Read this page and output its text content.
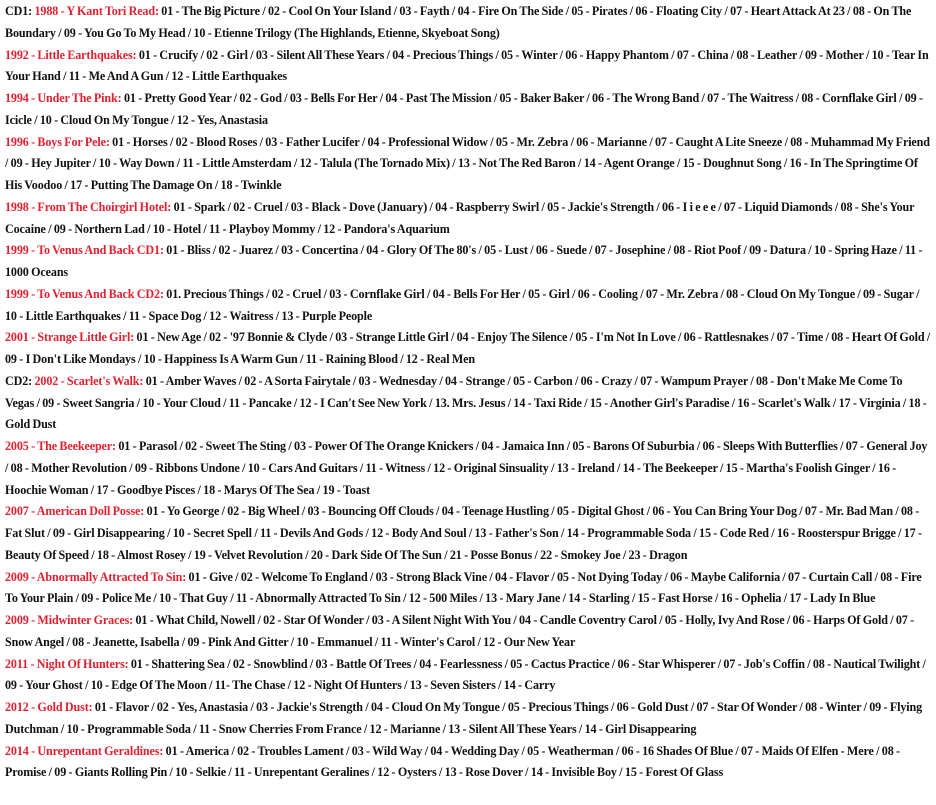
CD1: 1988 - Y Kant Tori Read: 01 - The Big Picture / 02 - Cool On Your Island / 03 - Fayth / 04 - Fire On The Side / 05 - Pirates / 06 - Floating City / 07 - Heart Attack At 23 / 08 - On The Boundary / 09 - You Go To My Head / 10 - Etienne Trilogy (The Highlands, Etienne, Skyeboat Song)
1992 - Little Earthquakes: 01 - Crucify / 02 - Girl / 03 - Silent All These Years / 04 - Precious Things / 05 - Winter / 06 - Happy Phantom / 07 - China / 08 - Leather / 09 - Mother / 10 - Tear In Your Hand / 11 - Me And A Gun / 12 - Little Earthquakes
1994 - Under The Pink: 01 - Pretty Good Year / 02 - God / 03 - Bells For Her / 04 - Past The Mission / 05 - Baker Baker / 06 - The Wrong Band / 07 - The Waitress / 08 - Cornflake Girl / 09 - Icicle / 10 - Cloud On My Tongue / 12 - Yes, Anastasia
1996 - Boys For Pele: 01 - Horses / 02 - Blood Roses / 03 - Father Lucifer / 04 - Professional Widow / 05 - Mr. Zebra / 06 - Marianne / 07 - Caught A Lite Sneeze / 08 - Muhammad My Friend / 09 - Hey Jupiter / 10 - Way Down / 11 - Little Amsterdam / 12 - Talula (The Tornado Mix) / 13 - Not The Red Baron / 14 - Agent Orange / 15 - Doughnut Song / 16 - In The Springtime Of His Voodoo / 17 - Putting The Damage On / 18 - Twinkle
1998 - From The Choirgirl Hotel: 01 - Spark / 02 - Cruel / 03 - Black - Dove (January) / 04 - Raspberry Swirl / 05 - Jackie's Strength / 06 - I i e e e / 07 - Liquid Diamonds / 08 - She's Your Cocaine / 09 - Northern Lad / 10 - Hotel / 11 - Playboy Mommy / 12 - Pandora's Aquarium
1999 - To Venus And Back CD1: 01 - Bliss / 02 - Juarez / 03 - Concertina / 04 - Glory Of The 80's / 05 - Lust / 06 - Suede / 07 - Josephine / 08 - Riot Poof / 09 - Datura / 10 - Spring Haze / 11 - 1000 Oceans
1999 - To Venus And Back CD2: 01. Precious Things / 02 - Cruel / 03 - Cornflake Girl / 04 - Bells For Her / 05 - Girl / 06 - Cooling / 07 - Mr. Zebra / 08 - Cloud On My Tongue / 09 - Sugar / 10 - Little Earthquakes / 11 - Space Dog / 12 - Waitress / 13 - Purple People
2001 - Strange Little Girl: 01 - New Age / 02 - '97 Bonnie & Clyde / 03 - Strange Little Girl / 04 - Enjoy The Silence / 05 - I'm Not In Love / 06 - Rattlesnakes / 07 - Time / 08 - Heart Of Gold / 09 - I Don't Like Mondays / 10 - Happiness Is A Warm Gun / 11 - Raining Blood / 12 - Real Men
CD2: 2002 - Scarlet's Walk: 01 - Amber Waves / 02 - A Sorta Fairytale / 03 - Wednesday / 04 - Strange / 05 - Carbon / 06 - Crazy / 07 - Wampum Prayer / 08 - Don't Make Me Come To Vegas / 09 - Sweet Sangria / 10 - Your Cloud / 11 - Pancake / 12 - I Can't See New York / 13. Mrs. Jesus / 14 - Taxi Ride / 15 - Another Girl's Paradise / 16 - Scarlet's Walk / 17 - Virginia / 18 - Gold Dust
2005 - The Beekeeper: 01 - Parasol / 02 - Sweet The Sting / 03 - Power Of The Orange Knickers / 04 - Jamaica Inn / 05 - Barons Of Suburbia / 06 - Sleeps With Butterflies / 07 - General Joy / 08 - Mother Revolution / 09 - Ribbons Undone / 10 - Cars And Guitars / 11 - Witness / 12 - Original Sinsuality / 13 - Ireland / 14 - The Beekeeper / 15 - Martha's Foolish Ginger / 16 - Hoochie Woman / 17 - Goodbye Pisces / 18 - Marys Of The Sea / 19 - Toast
2007 - American Doll Posse: 01 - Yo George / 02 - Big Wheel / 03 - Bouncing Off Clouds / 04 - Teenage Hustling / 05 - Digital Ghost / 06 - You Can Bring Your Dog / 07 - Mr. Bad Man / 08 - Fat Slut / 09 - Girl Disappearing / 10 - Secret Spell / 11 - Devils And Gods / 12 - Body And Soul / 13 - Father's Son / 14 - Programmable Soda / 15 - Code Red / 16 - Roosterspur Brigge / 17 - Beauty Of Speed / 18 - Almost Rosey / 19 - Velvet Revolution / 20 - Dark Side Of The Sun / 21 - Posse Bonus / 22 - Smokey Joe / 23 - Dragon
2009 - Abnormally Attracted To Sin: 01 - Give / 02 - Welcome To England / 03 - Strong Black Vine / 04 - Flavor / 05 - Not Dying Today / 06 - Maybe California / 07 - Curtain Call / 08 - Fire To Your Plain / 09 - Police Me / 10 - That Guy / 11 - Abnormally Attracted To Sin / 12 - 500 Miles / 13 - Mary Jane / 14 - Starling / 15 - Fast Horse / 16 - Ophelia / 17 - Lady In Blue
2009 - Midwinter Graces: 01 - What Child, Nowell / 02 - Star Of Wonder / 03 - A Silent Night With You / 04 - Candle Coventry Carol / 05 - Holly, Ivy And Rose / 06 - Harps Of Gold / 07 - Snow Angel / 08 - Jeanette, Isabella / 09 - Pink And Gitter / 10 - Emmanuel / 11 - Winter's Carol / 12 - Our New Year
2011 - Night Of Hunters: 01 - Shattering Sea / 02 - Snowblind / 03 - Battle Of Trees / 04 - Fearlessness / 05 - Cactus Practice / 06 - Star Whisperer / 07 - Job's Coffin / 08 - Nautical Twilight / 09 - Your Ghost / 10 - Edge Of The Moon / 11- The Chase / 12 - Night Of Hunters / 13 - Seven Sisters / 14 - Carry
2012 - Gold Dust: 01 - Flavor / 02 - Yes, Anastasia / 03 - Jackie's Strength / 04 - Cloud On My Tongue / 05 - Precious Things / 06 - Gold Dust / 07 - Star Of Wonder / 08 - Winter / 09 - Flying Dutchman / 10 - Programmable Soda / 11 - Snow Cherries From France / 12 - Marianne / 13 - Silent All These Years / 14 - Girl Disappearing
2014 - Unrepentant Geraldines: 01 - America / 02 - Troubles Lament / 03 - Wild Way / 04 - Wedding Day / 05 - Weatherman / 06 - 16 Shades Of Blue / 07 - Maids Of Elfen - Mere / 08 - Promise / 09 - Giants Rolling Pin / 10 - Selkie / 11 - Unrepentant Geralines / 12 - Oysters / 13 - Rose Dover / 14 - Invisible Boy / 15 - Forest Of Glass
